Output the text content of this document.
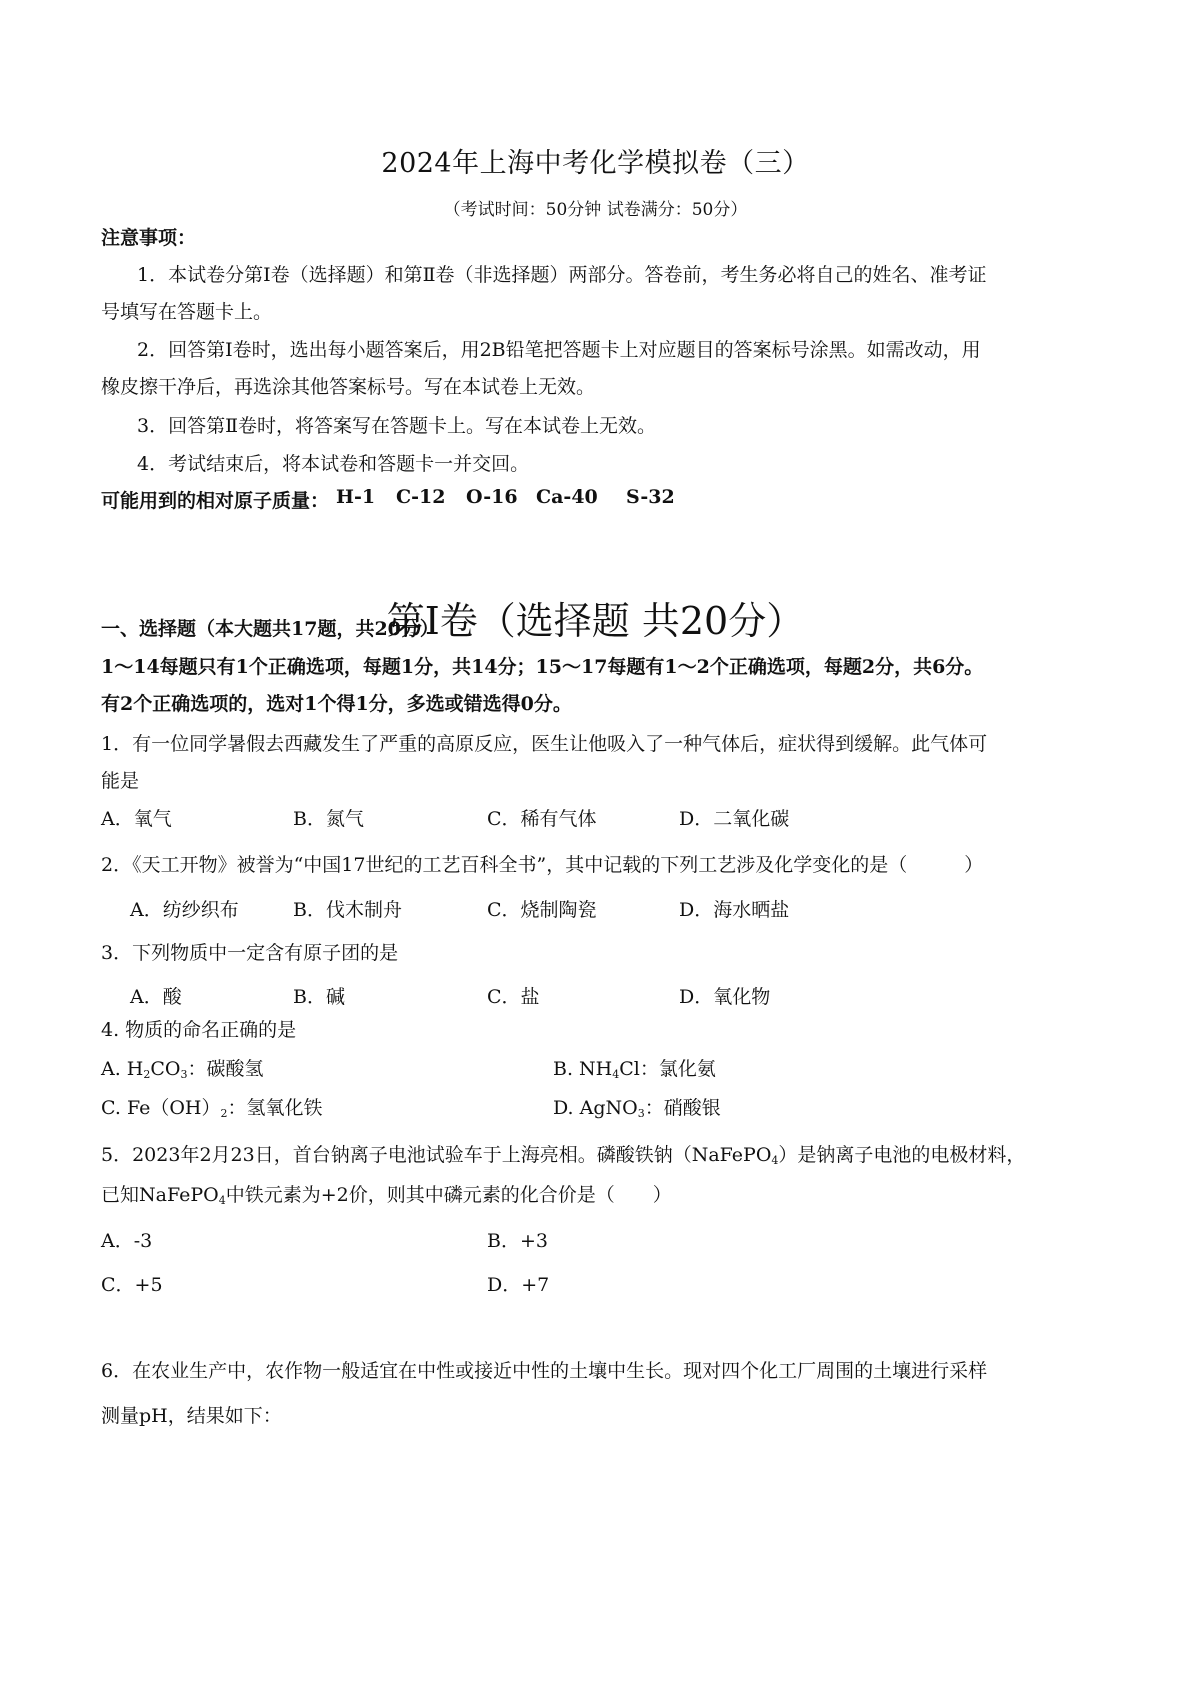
2024年上海中考化学模拟卷（三）
（考试时间：50分钟 试卷满分：50分）
注意事项：
1．本试卷分第Ⅰ卷（选择题）和第Ⅱ卷（非选择题）两部分。答卷前，考生务必将自己的姓名、准考证
号填写在答题卡上。
2．回答第Ⅰ卷时，选出每小题答案后，用2B铅笔把答题卡上对应题目的答案标号涂黑。如需改动，用
橡皮擦干净后，再选涂其他答案标号。写在本试卷上无效。
3．回答第Ⅱ卷时，将答案写在答题卡上。写在本试卷上无效。
4．考试结束后，将本试卷和答题卡一并交回。
可能用到的相对原子质量： H-1 C-12 O-16 Ca-40 S-32
第Ⅰ卷（选择题 共20分）
一、选择题（本大题共17题，共20分）
1～14每题只有1个正确选项，每题1分，共14分；15～17每题有1～2个正确选项，每题2分，共6分。
有2个正确选项的，选对1个得1分，多选或错选得0分。
1．有一位同学暑假去西藏发生了严重的高原反应，医生让他吸入了一种气体后，症状得到缓解。此气体可
能是
A．氧气	B．氮气	C．稀有气体	D．二氧化碳
2．《天工开物》被誉为“中国17世纪的工艺百科全书”，其中记载的下列工艺涉及化学变化的是（　　　）
A．纺纱织布	B．伐木制舟	C．烧制陶瓷	D．海水晒盐
3．下列物质中一定含有原子团的是
A．酸	B．碱	C．盐	D．氧化物
4. 物质的命名正确的是
A. $H_2CO_3$：碳酸氢	B. $NH_4Cl$：氯化氨
C. $Fe(OH)_2$：氢氧化铁	D. AgNO$_3$：硝酸银
5．2023年2月23日，首台钠离子电池试验车于上海亮相。磷酸铁钠（NaFePO$_4$）是钠离子电池的电极材料，
已知NaFePO$_4$中铁元素为+2价，则其中磷元素的化合价是（　　）
A．-3	B．+3
C．+5	D．+7
6．在农业生产中，农作物一般适宜在中性或接近中性的土壤中生长。现对四个化工厂周围的土壤进行采样
测量pH，结果如下：
